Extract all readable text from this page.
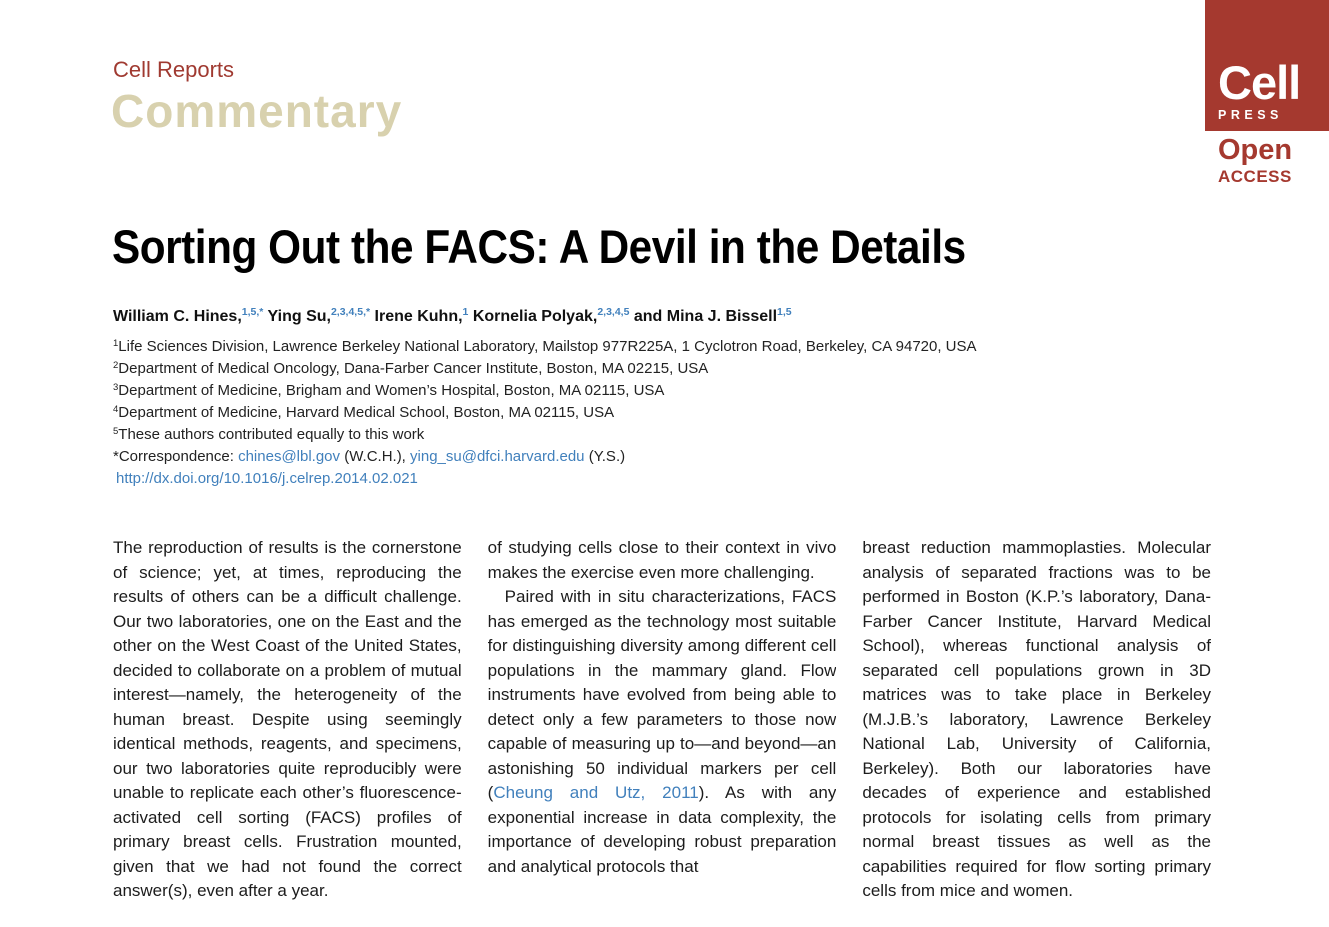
Cell Reports
Commentary
Cell
PRESS
Open
ACCESS
Sorting Out the FACS: A Devil in the Details
William C. Hines,$^{1,5,*}$ Ying Su,$^{2,3,4,5,*}$ Irene Kuhn,$^1$ Kornelia Polyak,$^{2,3,4,5}$ and Mina J. Bissell$^{1,5}$
$^1$Life Sciences Division, Lawrence Berkeley National Laboratory, Mailstop 977R225A, 1 Cyclotron Road, Berkeley, CA 94720, USA
$^2$Department of Medical Oncology, Dana-Farber Cancer Institute, Boston, MA 02215, USA
$^3$Department of Medicine, Brigham and Women’s Hospital, Boston, MA 02115, USA
$^4$Department of Medicine, Harvard Medical School, Boston, MA 02115, USA
$^5$These authors contributed equally to this work
*Correspondence: chines@lbl.gov (W.C.H.), ying_su@dfci.harvard.edu (Y.S.)
http://dx.doi.org/10.1016/j.celrep.2014.02.021

The reproduction of results is the cornerstone of science; yet, at times, reproducing the results of others can be a difficult challenge. Our two laboratories, one on the East and the other on the West Coast of the United States, decided to collaborate on a problem of mutual interest—namely, the heterogeneity of the human breast. Despite using seemingly identical methods, reagents, and specimens, our two laboratories quite reproducibly were unable to replicate each other’s fluorescence-activated cell sorting (FACS) profiles of primary breast cells. Frustration mounted, given that we had not found the correct answer(s), even after a year.

of studying cells close to their context in vivo makes the exercise even more challenging.

Paired with in situ characterizations, FACS has emerged as the technology most suitable for distinguishing diversity among different cell populations in the mammary gland. Flow instruments have evolved from being able to detect only a few parameters to those now capable of measuring up to—and beyond—an astonishing 50 individual markers per cell (Cheung and Utz, 2011). As with any exponential increase in data complexity, the importance of developing robust preparation and analytical protocols that

breast reduction mammoplasties. Molecular analysis of separated fractions was to be performed in Boston (K.P.’s laboratory, Dana-Farber Cancer Institute, Harvard Medical School), whereas functional analysis of separated cell populations grown in 3D matrices was to take place in Berkeley (M.J.B.’s laboratory, Lawrence Berkeley National Lab, University of California, Berkeley). Both our laboratories have decades of experience and established protocols for isolating cells from primary normal breast tissues as well as the capabilities required for flow sorting primary cells from mice and women.
